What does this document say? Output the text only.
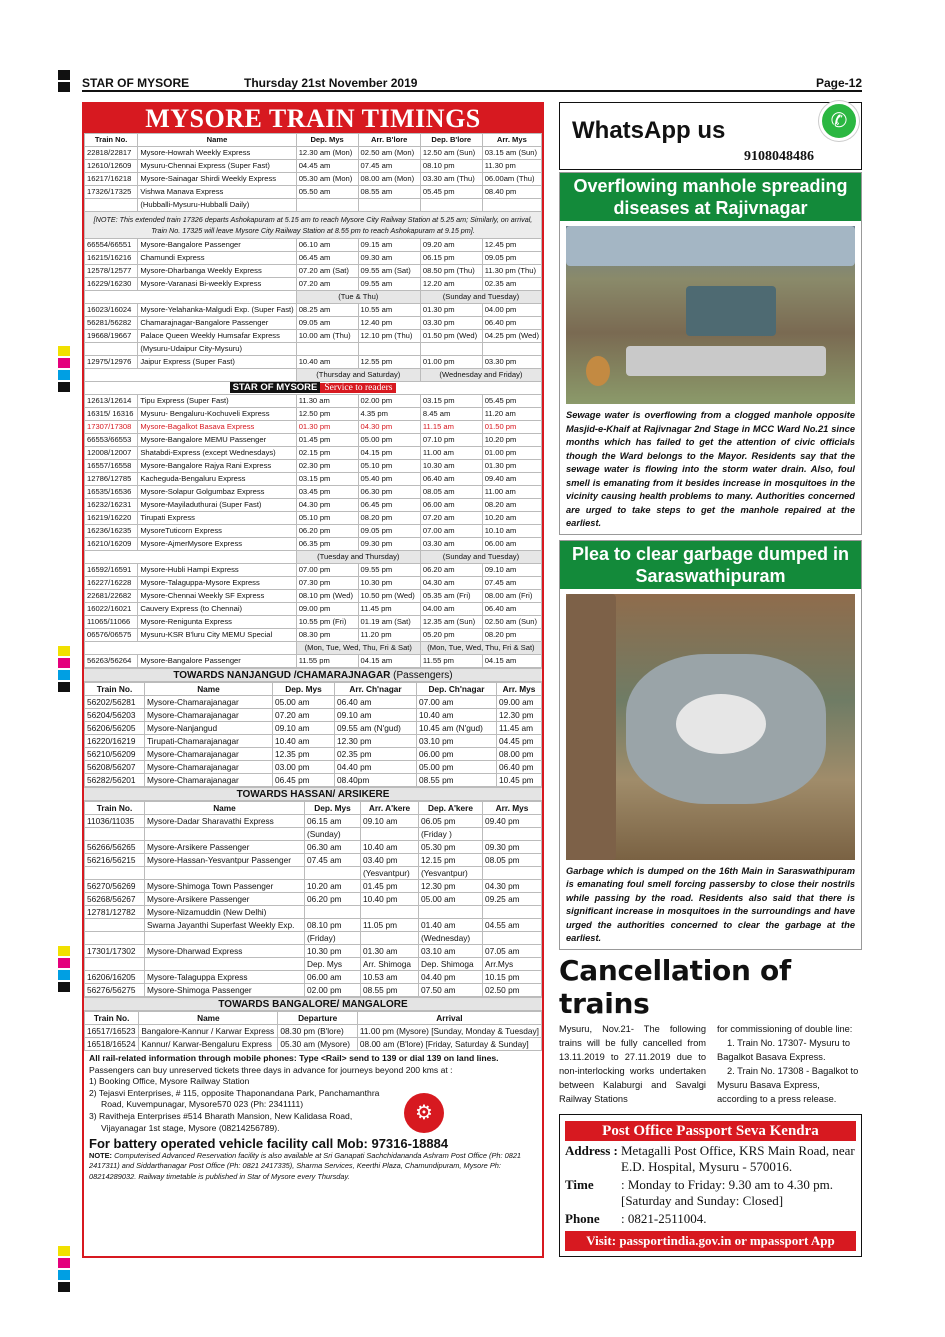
STAR OF MYSORE	Thursday 21st November 2019	Page-12
MYSORE TRAIN TIMINGS
Train No.	Name	Dep. Mys	Arr. B'lore	Dep. B'lore	Arr. Mys
22818/22817	Mysore-Howrah Weekly Express	12.30 am (Mon)	02.50 am (Mon)	12.50 am (Sun)	03.15 am (Sun)
12610/12609	Mysuru-Chennai Express (Super Fast)	04.45 am	07.45 am	08.10 pm	11.30 pm
16217/16218	Mysore-Sainagar Shirdi Weekly Express	05.30 am (Mon)	08.00 am (Mon)	03.30 am (Thu)	06.00am (Thu)
17326/17325	Vishwa Manava Express	05.50 am	08.55 am	05.45 pm	08.40 pm
	(Hubballi-Mysuru-Hubballi Daily)				
[NOTE: This extended train 17326 departs Ashokapuram at 5.15 am to reach Mysore City Railway Station at 5.25 am; Similarly, on arrival, Train No. 17325 will leave Mysore City Railway Station at 8.55 pm to reach Ashokapuram at 9.15 pm].					
66554/66551	Mysore-Bangalore Passenger	06.10 am	09.15 am	09.20 am	12.45 pm
16215/16216	Chamundi Express	06.45 am	09.30 am	06.15 pm	09.05 pm
12578/12577	Mysore-Dharbanga Weekly Express	07.20 am (Sat)	09.55 am (Sat)	08.50 pm (Thu)	11.30 pm (Thu)
16229/16230	Mysore-Varanasi Bi-weekly Express	07.20 am	09.55 am	12.20 am	02.35 am
		(Tue & Thu)		(Sunday and Tuesday)	
16023/16024	Mysore-Yelahanka-Malgudi Exp. (Super Fast)	08.25 am	10.55 am	01.30 pm	04.00 pm
56281/56282	Chamarajnagar-Bangalore Passenger	09.05 am	12.40 pm	03.30 pm	06.40 pm
19668/19667	Palace Queen Weekly Humsafar Express	10.00 am (Thu)	12.10 pm (Thu)	01.50 pm (Wed)	04.25 pm (Wed)
	(Mysuru-Udaipur City-Mysuru)				
12975/12976	Jaipur Express (Super Fast)	10.40 am	12.55 pm	01.00 pm	03.30 pm
		(Thursday and Saturday)		(Wednesday and Friday)	
STAR OF MYSORE Service to readers					
12613/12614	Tipu Express (Super Fast)	11.30 am	02.00 pm	03.15 pm	05.45 pm
16315/ 16316	Mysuru- Bengaluru-Kochuveli Express	12.50 pm	4.35 pm	8.45 am	11.20 am
17307/17308	Mysore-Bagalkot Basava Express	01.30 pm	04.30 pm	11.15 am	01.50 pm
66553/66553	Mysore-Bangalore MEMU Passenger	01.45 pm	05.00 pm	07.10 pm	10.20 pm
12008/12007	Shatabdi-Express (except Wednesdays)	02.15 pm	04.15 pm	11.00 am	01.00 pm
16557/16558	Mysore-Bangalore Rajya Rani Express	02.30 pm	05.10 pm	10.30 am	01.30 pm
12786/12785	Kacheguda-Bengaluru Express	03.15 pm	05.40 pm	06.40 am	09.40 am
16535/16536	Mysore-Solapur Golgumbaz Express	03.45 pm	06.30 pm	08.05 am	11.00 am
16232/16231	Mysore-Mayiladuthurai (Super Fast)	04.30 pm	06.45 pm	06.00 am	08.20 am
16219/16220	Tirupati Express	05.10 pm	08.20 pm	07.20 am	10.20 am
16236/16235	MysoreTuticorn Express	06.20 pm	09.05 pm	07.00 am	10.10 am
16210/16209	Mysore-AjmerMysore Express	06.35 pm	09.30 pm	03.30 am	06.00 am
		(Tuesday and Thursday)		(Sunday and Tuesday)	
16592/16591	Mysore-Hubli Hampi Express	07.00 pm	09.55 pm	06.20 am	09.10 am
16227/16228	Mysore-Talaguppa-Mysore Express	07.30 pm	10.30 pm	04.30 am	07.45 am
22681/22682	Mysore-Chennai Weekly SF Express	08.10 pm (Wed)	10.50 pm (Wed)	05.35 am (Fri)	08.00 am (Fri)
16022/16021	Cauvery Express (to Chennai)	09.00 pm	11.45 pm	04.00 am	06.40 am
11065/11066	Mysore-Renigunta Express	10.55 pm (Fri)	01.19 am (Sat)	12.35 am (Sun)	02.50 am (Sun)
06576/06575	Mysuru-KSR B'luru City MEMU Special	08.30 pm	11.20 pm	05.20 pm	08.20 pm
		(Mon, Tue, Wed, Thu, Fri & Sat)		(Mon, Tue, Wed, Thu, Fri & Sat)	
56263/56264	Mysore-Bangalore Passenger	11.55 pm	04.15 am	11.55 pm	04.15 am
TOWARDS NANJANGUD /CHAMARAJNAGAR (Passengers)
Train No.	Name	Dep. Mys	Arr. Ch'nagar	Dep. Ch'nagar	Arr. Mys
56202/56281	Mysore-Chamarajanagar	05.00 am	06.40 am	07.00 am	09.00 am
56204/56203	Mysore-Chamarajanagar	07.20 am	09.10 am	10.40 am	12.30 pm
56206/56205	Mysore-Nanjangud	09.10 am	09.55 am (N'gud)	10.45 am (N'gud)	11.45 am
16220/16219	Tirupati-Chamarajanagar	10.40 am	12.30 pm	03.10 pm	04.45 pm
56210/56209	Mysore-Chamarajanagar	12.35 pm	02.35 pm	06.00 pm	08.00 pm
56208/56207	Mysore-Chamarajanagar	03.00 pm	04.40 pm	05.00 pm	06.40 pm
56282/56201	Mysore-Chamarajanagar	06.45 pm	08.40pm	08.55 pm	10.45 pm
TOWARDS HASSAN/ ARSIKERE
Train No.	Name	Dep. Mys	Arr. A'kere	Dep. A'kere	Arr. Mys
11036/11035	Mysore-Dadar Sharavathi Express	06.15 am	09.10 am	06.05 pm	09.40 pm
		(Sunday)		(Friday )	
56266/56265	Mysore-Arsikere Passenger	06.30 am	10.40 am	05.30 pm	09.30 pm
56216/56215	Mysore-Hassan-Yesvantpur Passenger	07.45 am	03.40 pm	12.15 pm	08.05 pm
			(Yesvantpur)	(Yesvantpur)	
56270/56269	Mysore-Shimoga Town Passenger	10.20 am	01.45 pm	12.30 pm	04.30 pm
56268/56267	Mysore-Arsikere Passenger	06.20 pm	10.40 pm	05.00 am	09.25 am
12781/12782	Mysore-Nizamuddin (New Delhi)				
	Swarna Jayanthi Superfast Weekly Exp.	08.10 pm	11.05 pm	01.40 am	04.55 am
		(Friday)		(Wednesday)	
17301/17302	Mysore-Dharwad Express	10.30 pm	01.30 am	03.10 am	07.05 am
		Dep. Mys	Arr. Shimoga	Dep. Shimoga	Arr.Mys
16206/16205	Mysore-Talaguppa Express	06.00 am	10.53 am	04.40 pm	10.15 pm
56276/56275	Mysore-Shimoga Passenger	02.00 pm	08.55 pm	07.50 am	02.50 pm
TOWARDS BANGALORE/ MANGALORE
Train No.	Name	Departure	Arrival
16517/16523	Bangalore-Kannur / Karwar Express	08.30 pm (B'lore)	11.00 pm (Mysore) [Sunday, Monday & Tuesday]
16518/16524	Kannur/ Karwar-Bengaluru Express	05.30 am (Mysore)	08.00 am (B'lore) [Friday, Saturday & Sunday]
All rail-related information through mobile phones: Type <Rail> send to 139 or dial 139 on land lines.
Passengers can buy unreserved tickets three days in advance for journeys beyond 200 kms at :
1) Booking Office, Mysore Railway Station
2) Tejasvi Enterprises, # 115, opposite Thaponandana Park, Panchamanthra
Road, Kuvempunagar, Mysore570 023 (Ph: 2341111)
3) Ravitheja Enterprises #514 Bharath Mansion, New Kalidasa Road,
Vijayanagar 1st stage, Mysore (08214256789).
⚙
For battery operated vehicle facility call Mob: 97316-18884
NOTE: Computerised Advanced Reservation facility is also available at Sri Ganapati Sachchidananda Ashram Post Office (Ph: 0821 2417311) and Siddarthanagar Post Office (Ph: 0821 2417335), Sharma Services, Keerthi Plaza, Chamundipuram, Mysore Ph: 08214289032. Railway timetable is published in Star of Mysore every Thursday.
WhatsApp us
9108048486
✆
Overflowing manhole spreading diseases at Rajivnagar
Sewage water is overflowing from a clogged manhole opposite Masjid-e-Khaif at Rajivnagar 2nd Stage in MCC Ward No.21 since months which has failed to get the attention of civic officials though the Ward belongs to the Mayor. Residents say that the sewage water is flowing into the storm water drain. Also, foul smell is emanating from it besides increase in mosquitoes in the vicinity causing health problems to many. Authorities concerned are urged to take steps to get the manhole repaired at the earliest.
Plea to clear garbage dumped in Saraswathipuram
Garbage which is dumped on the 16th Main in Saraswathipuram is emanating foul smell forcing passersby to close their nostrils while passing by the road. Residents also said that there is significant increase in mosquitoes in the surroundings and have urged the authorities concerned to clear the garbage at the earliest.
Cancellation of trains
Mysuru, Nov.21- The following trains will be fully cancelled from 13.11.2019 to 27.11.2019 due to non-interlocking works undertaken between Kalaburgi and Savalgi Railway Stations
for commissioning of double line:
1. Train No. 17307- Mysuru to Bagalkot Basava Express.
2. Train No. 17308 - Bagalkot to Mysuru Basava Express, according to a press release.
Post Office Passport Seva Kendra
Address : Metagalli Post Office, KRS Main Road, near E.D. Hospital, Mysuru - 570016.
Time	: Monday to Friday: 9.30 am to 4.30 pm. [Saturday and Sunday: Closed]
Phone	: 0821-2511004.
Visit: passportindia.gov.in or mpassport App
